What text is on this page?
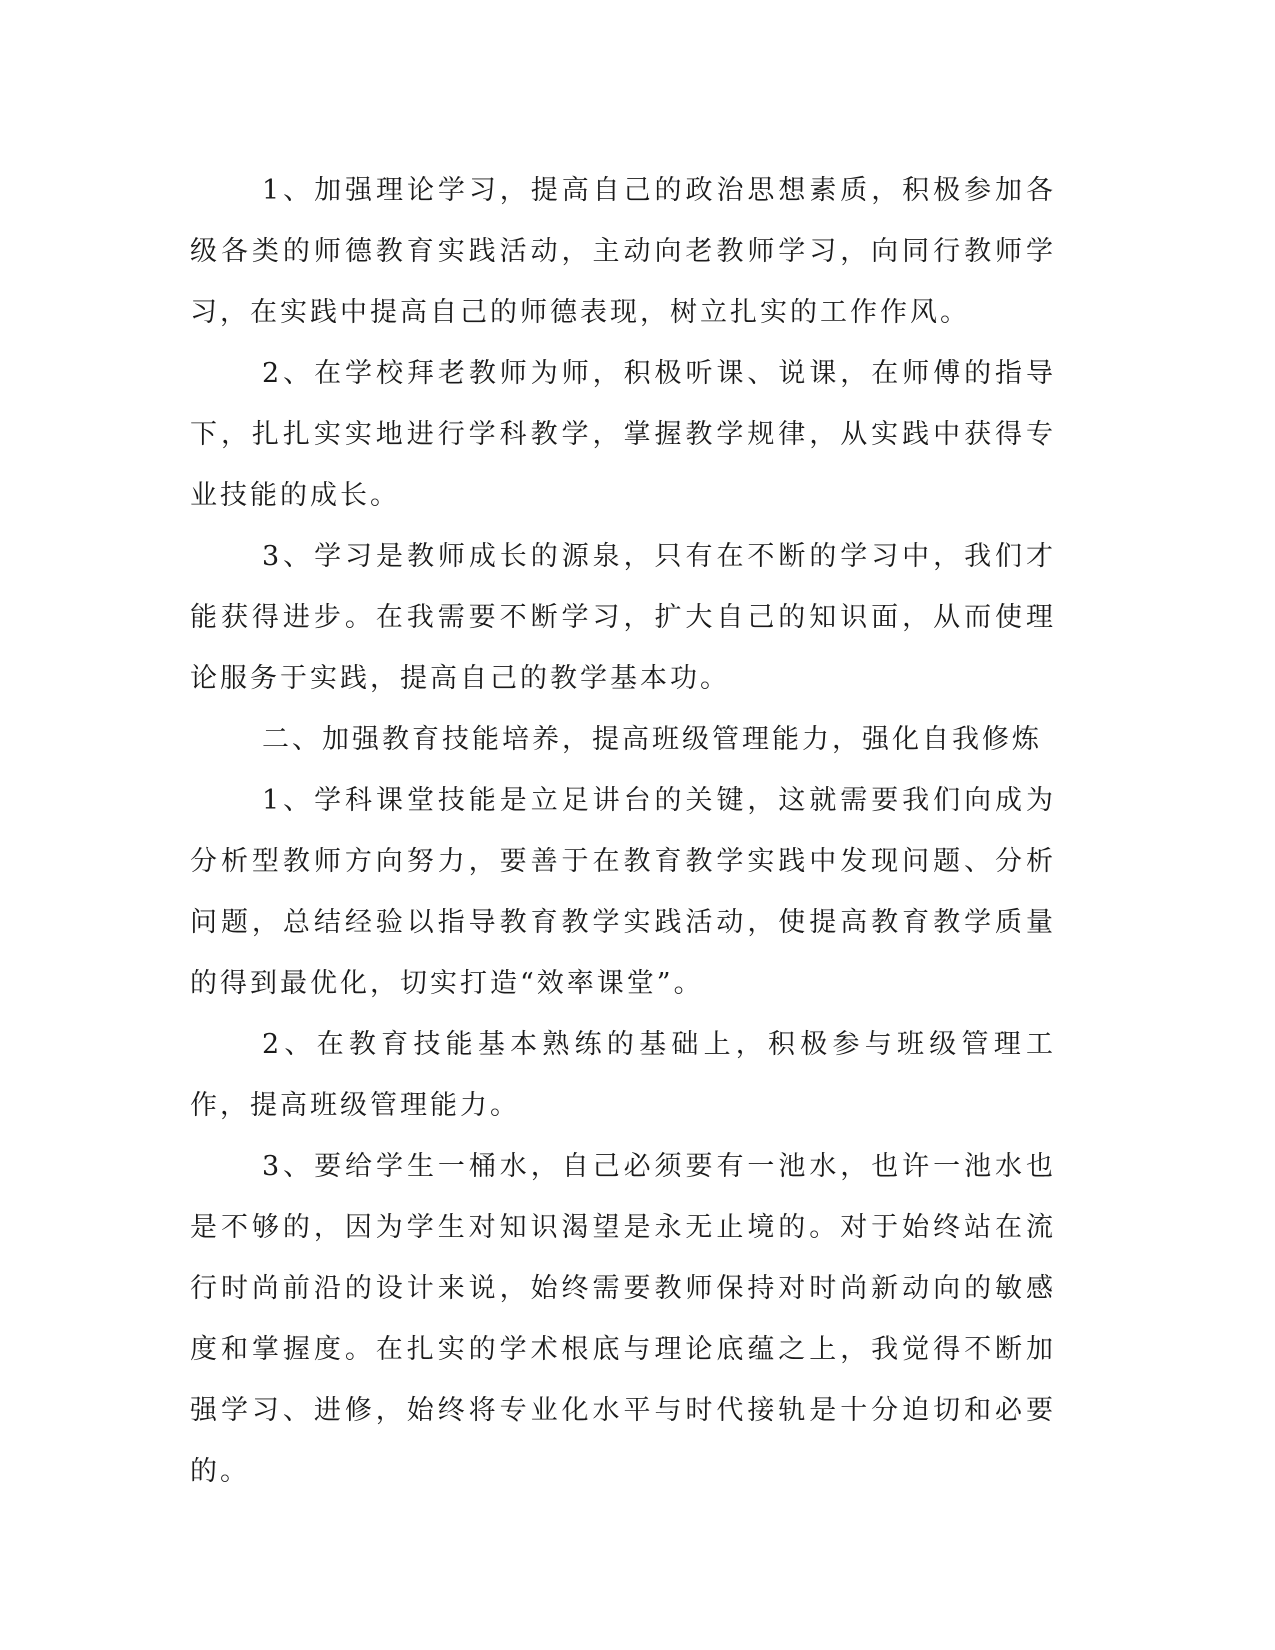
1、加强理论学习，提高自己的政治思想素质，积极参加各级各类的师德教育实践活动，主动向老教师学习，向同行教师学习，在实践中提高自己的师德表现，树立扎实的工作作风。

2、在学校拜老教师为师，积极听课、说课，在师傅的指导下，扎扎实实地进行学科教学，掌握教学规律，从实践中获得专业技能的成长。

3、学习是教师成长的源泉，只有在不断的学习中，我们才能获得进步。在我需要不断学习，扩大自己的知识面，从而使理论服务于实践，提高自己的教学基本功。

二、加强教育技能培养，提高班级管理能力，强化自我修炼

1、学科课堂技能是立足讲台的关键，这就需要我们向成为分析型教师方向努力，要善于在教育教学实践中发现问题、分析问题，总结经验以指导教育教学实践活动，使提高教育教学质量的得到最优化，切实打造“效率课堂”。

2、在教育技能基本熟练的基础上，积极参与班级管理工作，提高班级管理能力。

3、要给学生一桶水，自己必须要有一池水，也许一池水也是不够的，因为学生对知识渴望是永无止境的。对于始终站在流行时尚前沿的设计来说，始终需要教师保持对时尚新动向的敏感度和掌握度。在扎实的学术根底与理论底蕴之上，我觉得不断加强学习、进修，始终将专业化水平与时代接轨是十分迫切和必要的。
